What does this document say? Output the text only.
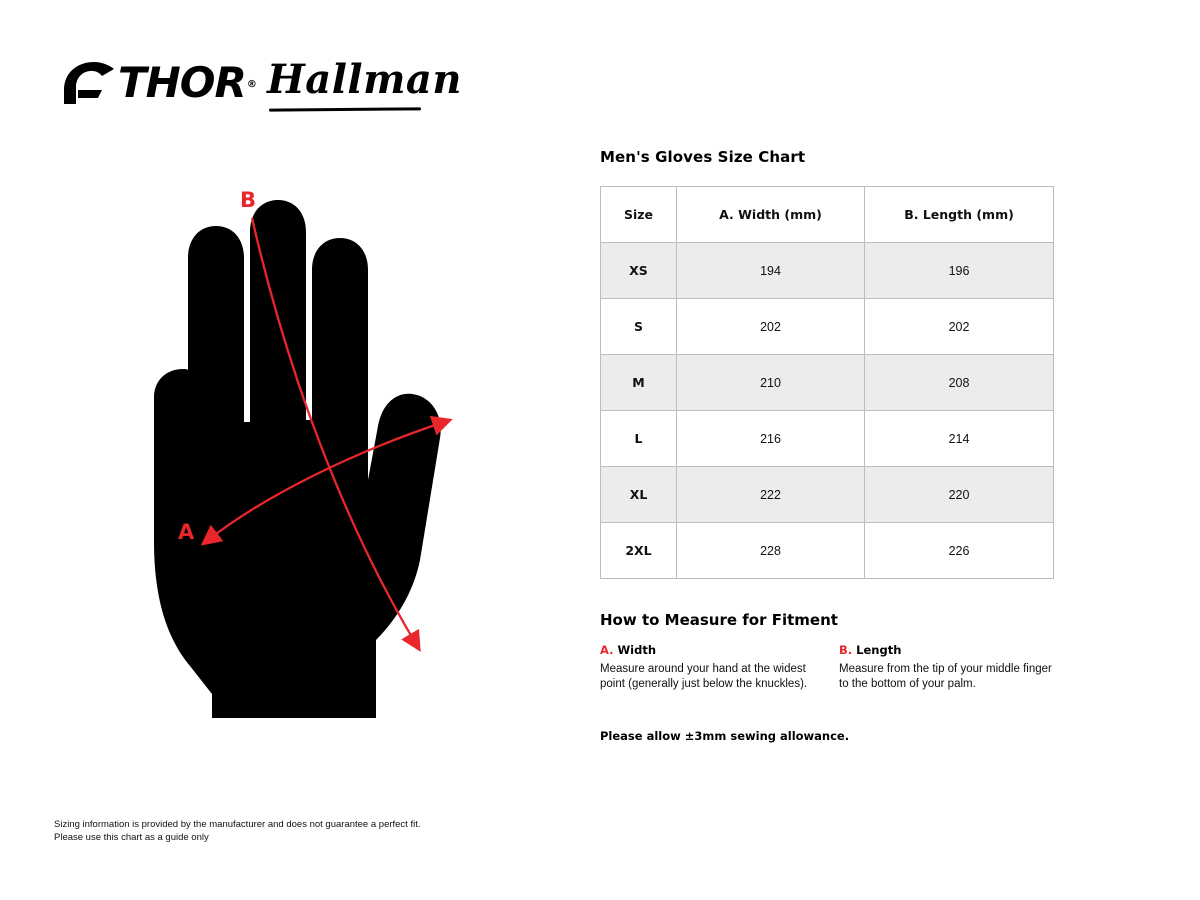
THOR ® Hallman
A
B
Men's Gloves Size Chart
Size	A. Width (mm)	B. Length (mm)
XS	194	196
S	202	202
M	210	208
L	216	214
XL	222	220
2XL	228	226
How to Measure for Fitment
A. Width
Measure around your hand at the widest point (generally just below the knuckles).
B. Length
Measure from the tip of your middle finger to the bottom of your palm.
Please allow ±3mm sewing allowance.
Sizing information is provided by the manufacturer and does not guarantee a perfect fit.
Please use this chart as a guide only
